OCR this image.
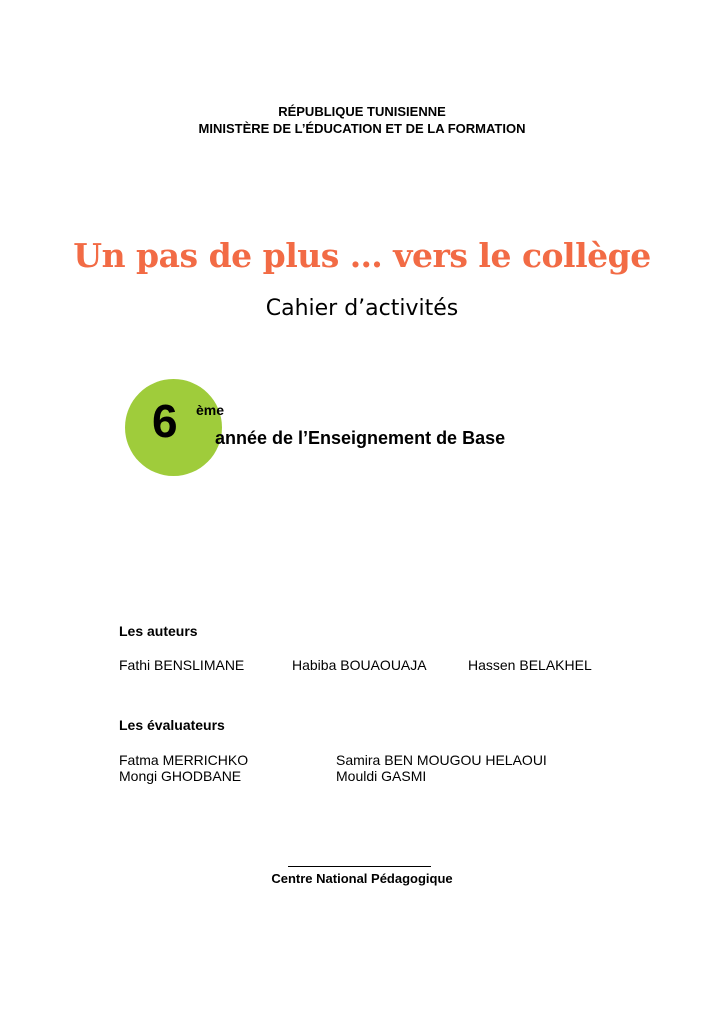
RÉPUBLIQUE TUNISIENNE
MINISTÈRE DE L’ÉDUCATION ET DE LA FORMATION
Un pas de plus … vers le collège
Cahier d’activités
6 ème
année de l’Enseignement de Base
Les auteurs
Fathi BENSLIMANE	Habiba BOUAOUAJA	Hassen BELAKHEL
Les évaluateurs
Fatma MERRICHKO	Samira BEN MOUGOU HELAOUI
Mongi GHODBANE	Mouldi GASMI
Centre National Pédagogique
